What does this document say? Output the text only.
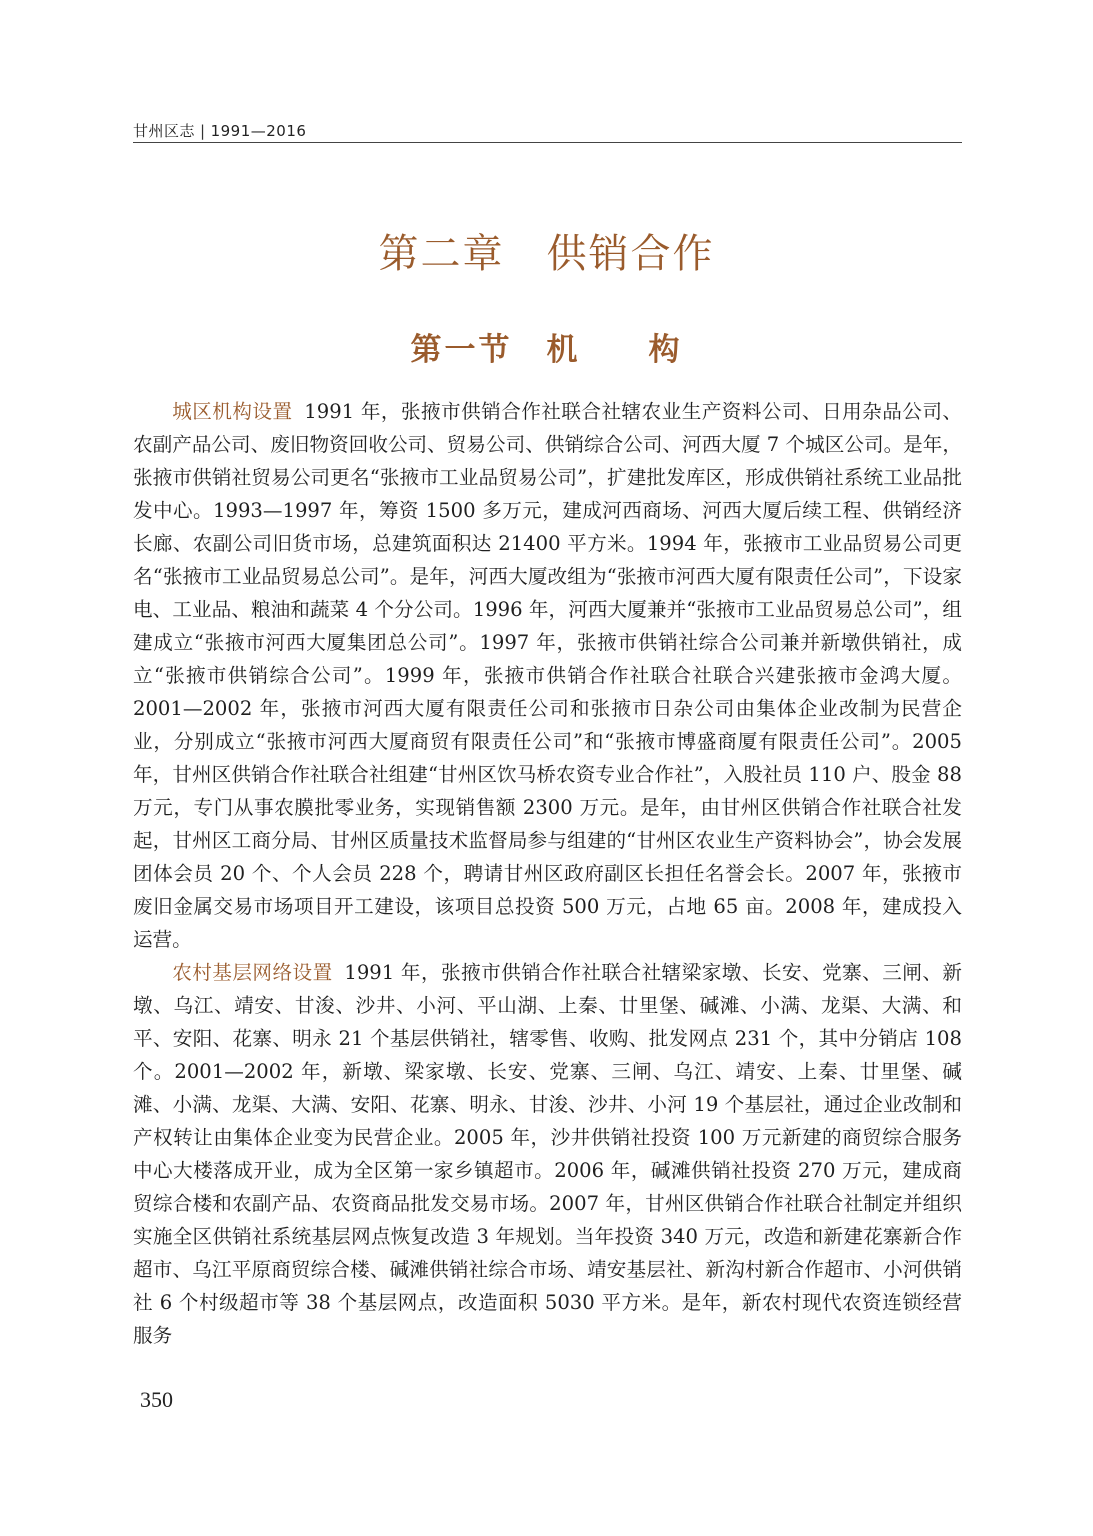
甘州区志 | 1991—2016
第二章　供销合作
第一节　机　　构

城区机构设置 1991 年，张掖市供销合作社联合社辖农业生产资料公司、日用杂品公司、农副产品公司、废旧物资回收公司、贸易公司、供销综合公司、河西大厦 7 个城区公司。是年，张掖市供销社贸易公司更名“张掖市工业品贸易公司”，扩建批发库区，形成供销社系统工业品批发中心。1993—1997 年，筹资 1500 多万元，建成河西商场、河西大厦后续工程、供销经济长廊、农副公司旧货市场，总建筑面积达 21400 平方米。1994 年，张掖市工业品贸易公司更名“张掖市工业品贸易总公司”。是年，河西大厦改组为“张掖市河西大厦有限责任公司”，下设家电、工业品、粮油和蔬菜 4 个分公司。1996 年，河西大厦兼并“张掖市工业品贸易总公司”，组建成立“张掖市河西大厦集团总公司”。1997 年，张掖市供销社综合公司兼并新墩供销社，成立“张掖市供销综合公司”。1999 年，张掖市供销合作社联合社联合兴建张掖市金鸿大厦。2001—2002 年，张掖市河西大厦有限责任公司和张掖市日杂公司由集体企业改制为民营企业，分别成立“张掖市河西大厦商贸有限责任公司”和“张掖市博盛商厦有限责任公司”。2005 年，甘州区供销合作社联合社组建“甘州区饮马桥农资专业合作社”，入股社员 110 户、股金 88 万元，专门从事农膜批零业务，实现销售额 2300 万元。是年，由甘州区供销合作社联合社发起，甘州区工商分局、甘州区质量技术监督局参与组建的“甘州区农业生产资料协会”，协会发展团体会员 20 个、个人会员 228 个，聘请甘州区政府副区长担任名誉会长。2007 年，张掖市废旧金属交易市场项目开工建设，该项目总投资 500 万元，占地 65 亩。2008 年，建成投入运营。

农村基层网络设置 1991 年，张掖市供销合作社联合社辖梁家墩、长安、党寨、三闸、新墩、乌江、靖安、甘浚、沙井、小河、平山湖、上秦、廿里堡、碱滩、小满、龙渠、大满、和平、安阳、花寨、明永 21 个基层供销社，辖零售、收购、批发网点 231 个，其中分销店 108 个。2001—2002 年，新墩、梁家墩、长安、党寨、三闸、乌江、靖安、上秦、廿里堡、碱滩、小满、龙渠、大满、安阳、花寨、明永、甘浚、沙井、小河 19 个基层社，通过企业改制和产权转让由集体企业变为民营企业。2005 年，沙井供销社投资 100 万元新建的商贸综合服务中心大楼落成开业，成为全区第一家乡镇超市。2006 年，碱滩供销社投资 270 万元，建成商贸综合楼和农副产品、农资商品批发交易市场。2007 年，甘州区供销合作社联合社制定并组织实施全区供销社系统基层网点恢复改造 3 年规划。当年投资 340 万元，改造和新建花寨新合作超市、乌江平原商贸综合楼、碱滩供销社综合市场、靖安基层社、新沟村新合作超市、小河供销社 6 个村级超市等 38 个基层网点，改造面积 5030 平方米。是年，新农村现代农资连锁经营服务

350
